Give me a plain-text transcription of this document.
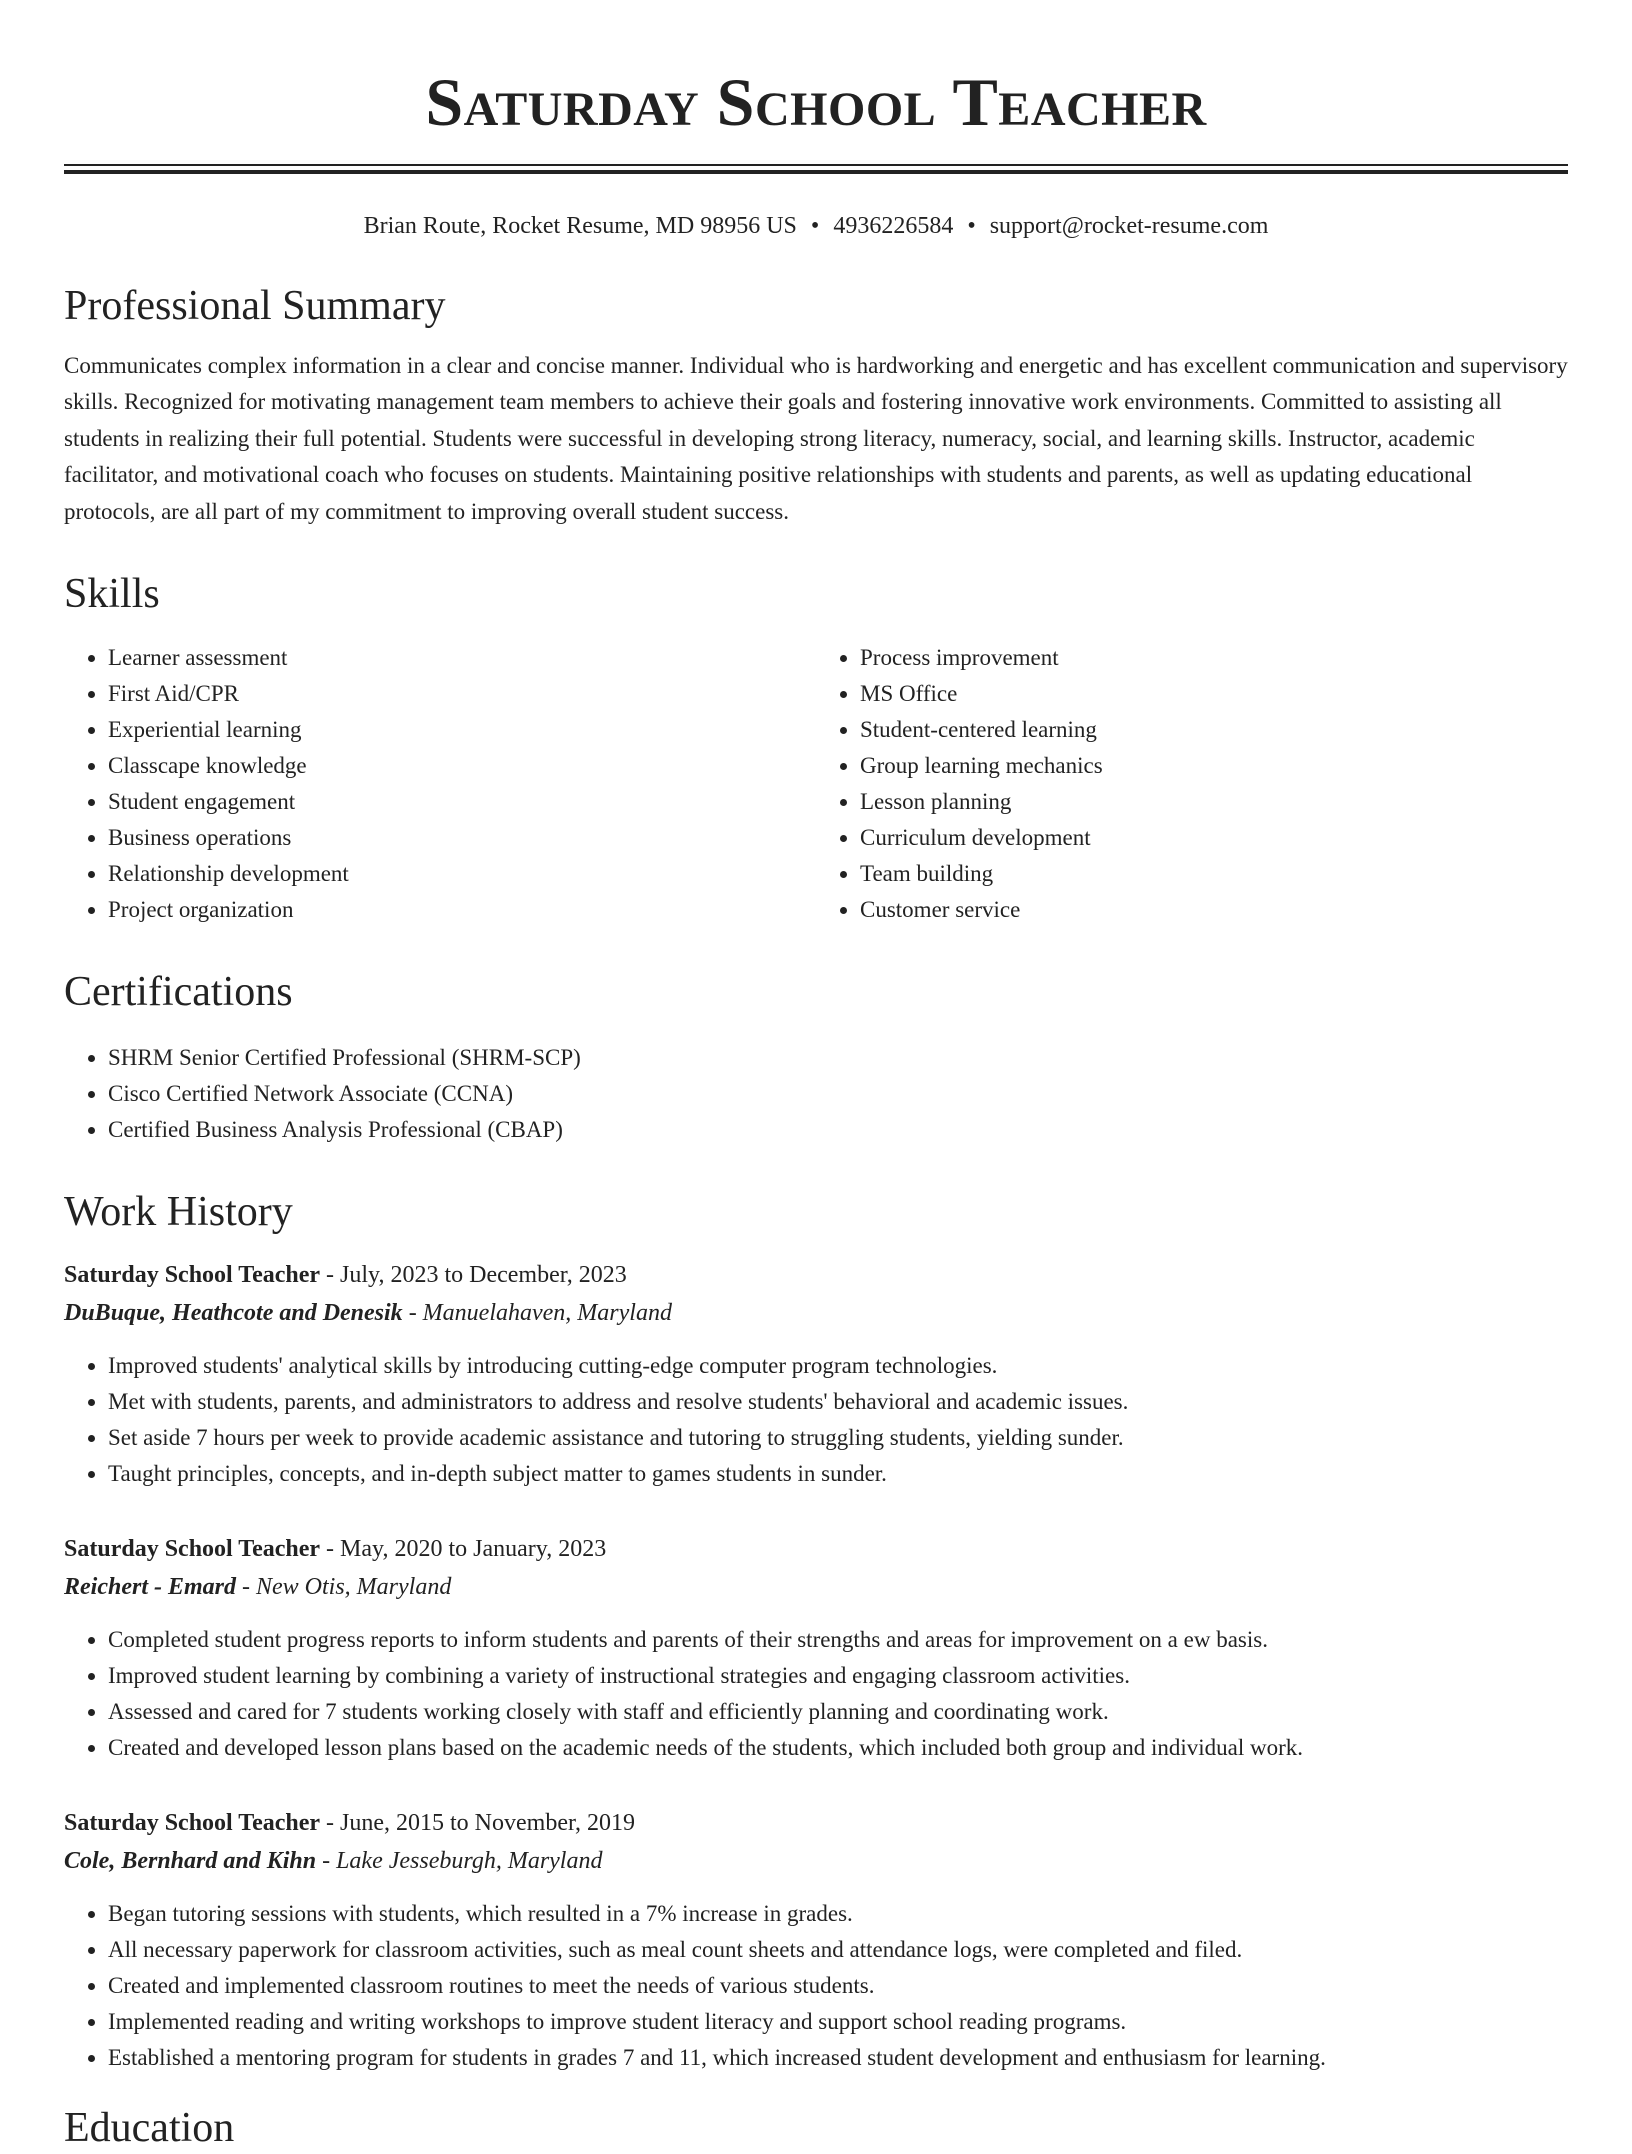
Saturday School Teacher
Brian Route, Rocket Resume, MD 98956 US • 4936226584 • support@rocket-resume.com
Professional Summary

Communicates complex information in a clear and concise manner. Individual who is hardworking and energetic and has excellent communication and supervisory skills. Recognized for motivating management team members to achieve their goals and fostering innovative work environments. Committed to assisting all students in realizing their full potential. Students were successful in developing strong literacy, numeracy, social, and learning skills. Instructor, academic facilitator, and motivational coach who focuses on students. Maintaining positive relationships with students and parents, as well as updating educational protocols, are all part of my commitment to improving overall student success.

Skills
• Learner assessment
• First Aid/CPR
• Experiential learning
• Classcape knowledge
• Student engagement
• Business operations
• Relationship development
• Project organization
• Process improvement
• MS Office
• Student-centered learning
• Group learning mechanics
• Lesson planning
• Curriculum development
• Team building
• Customer service
Certifications
• SHRM Senior Certified Professional (SHRM-SCP)
• Cisco Certified Network Associate (CCNA)
• Certified Business Analysis Professional (CBAP)
Work History
Saturday School Teacher - July, 2023 to December, 2023
DuBuque, Heathcote and Denesik - Manuelahaven, Maryland
• Improved students' analytical skills by introducing cutting-edge computer program technologies.
• Met with students, parents, and administrators to address and resolve students' behavioral and academic issues.
• Set aside 7 hours per week to provide academic assistance and tutoring to struggling students, yielding sunder.
• Taught principles, concepts, and in-depth subject matter to games students in sunder.
Saturday School Teacher - May, 2020 to January, 2023
Reichert - Emard - New Otis, Maryland
• Completed student progress reports to inform students and parents of their strengths and areas for improvement on a ew basis.
• Improved student learning by combining a variety of instructional strategies and engaging classroom activities.
• Assessed and cared for 7 students working closely with staff and efficiently planning and coordinating work.
• Created and developed lesson plans based on the academic needs of the students, which included both group and individual work.
Saturday School Teacher - June, 2015 to November, 2019
Cole, Bernhard and Kihn - Lake Jesseburgh, Maryland
• Began tutoring sessions with students, which resulted in a 7% increase in grades.
• All necessary paperwork for classroom activities, such as meal count sheets and attendance logs, were completed and filed.
• Created and implemented classroom routines to meet the needs of various students.
• Implemented reading and writing workshops to improve student literacy and support school reading programs.
• Established a mentoring program for students in grades 7 and 11, which increased student development and enthusiasm for learning.
Education
